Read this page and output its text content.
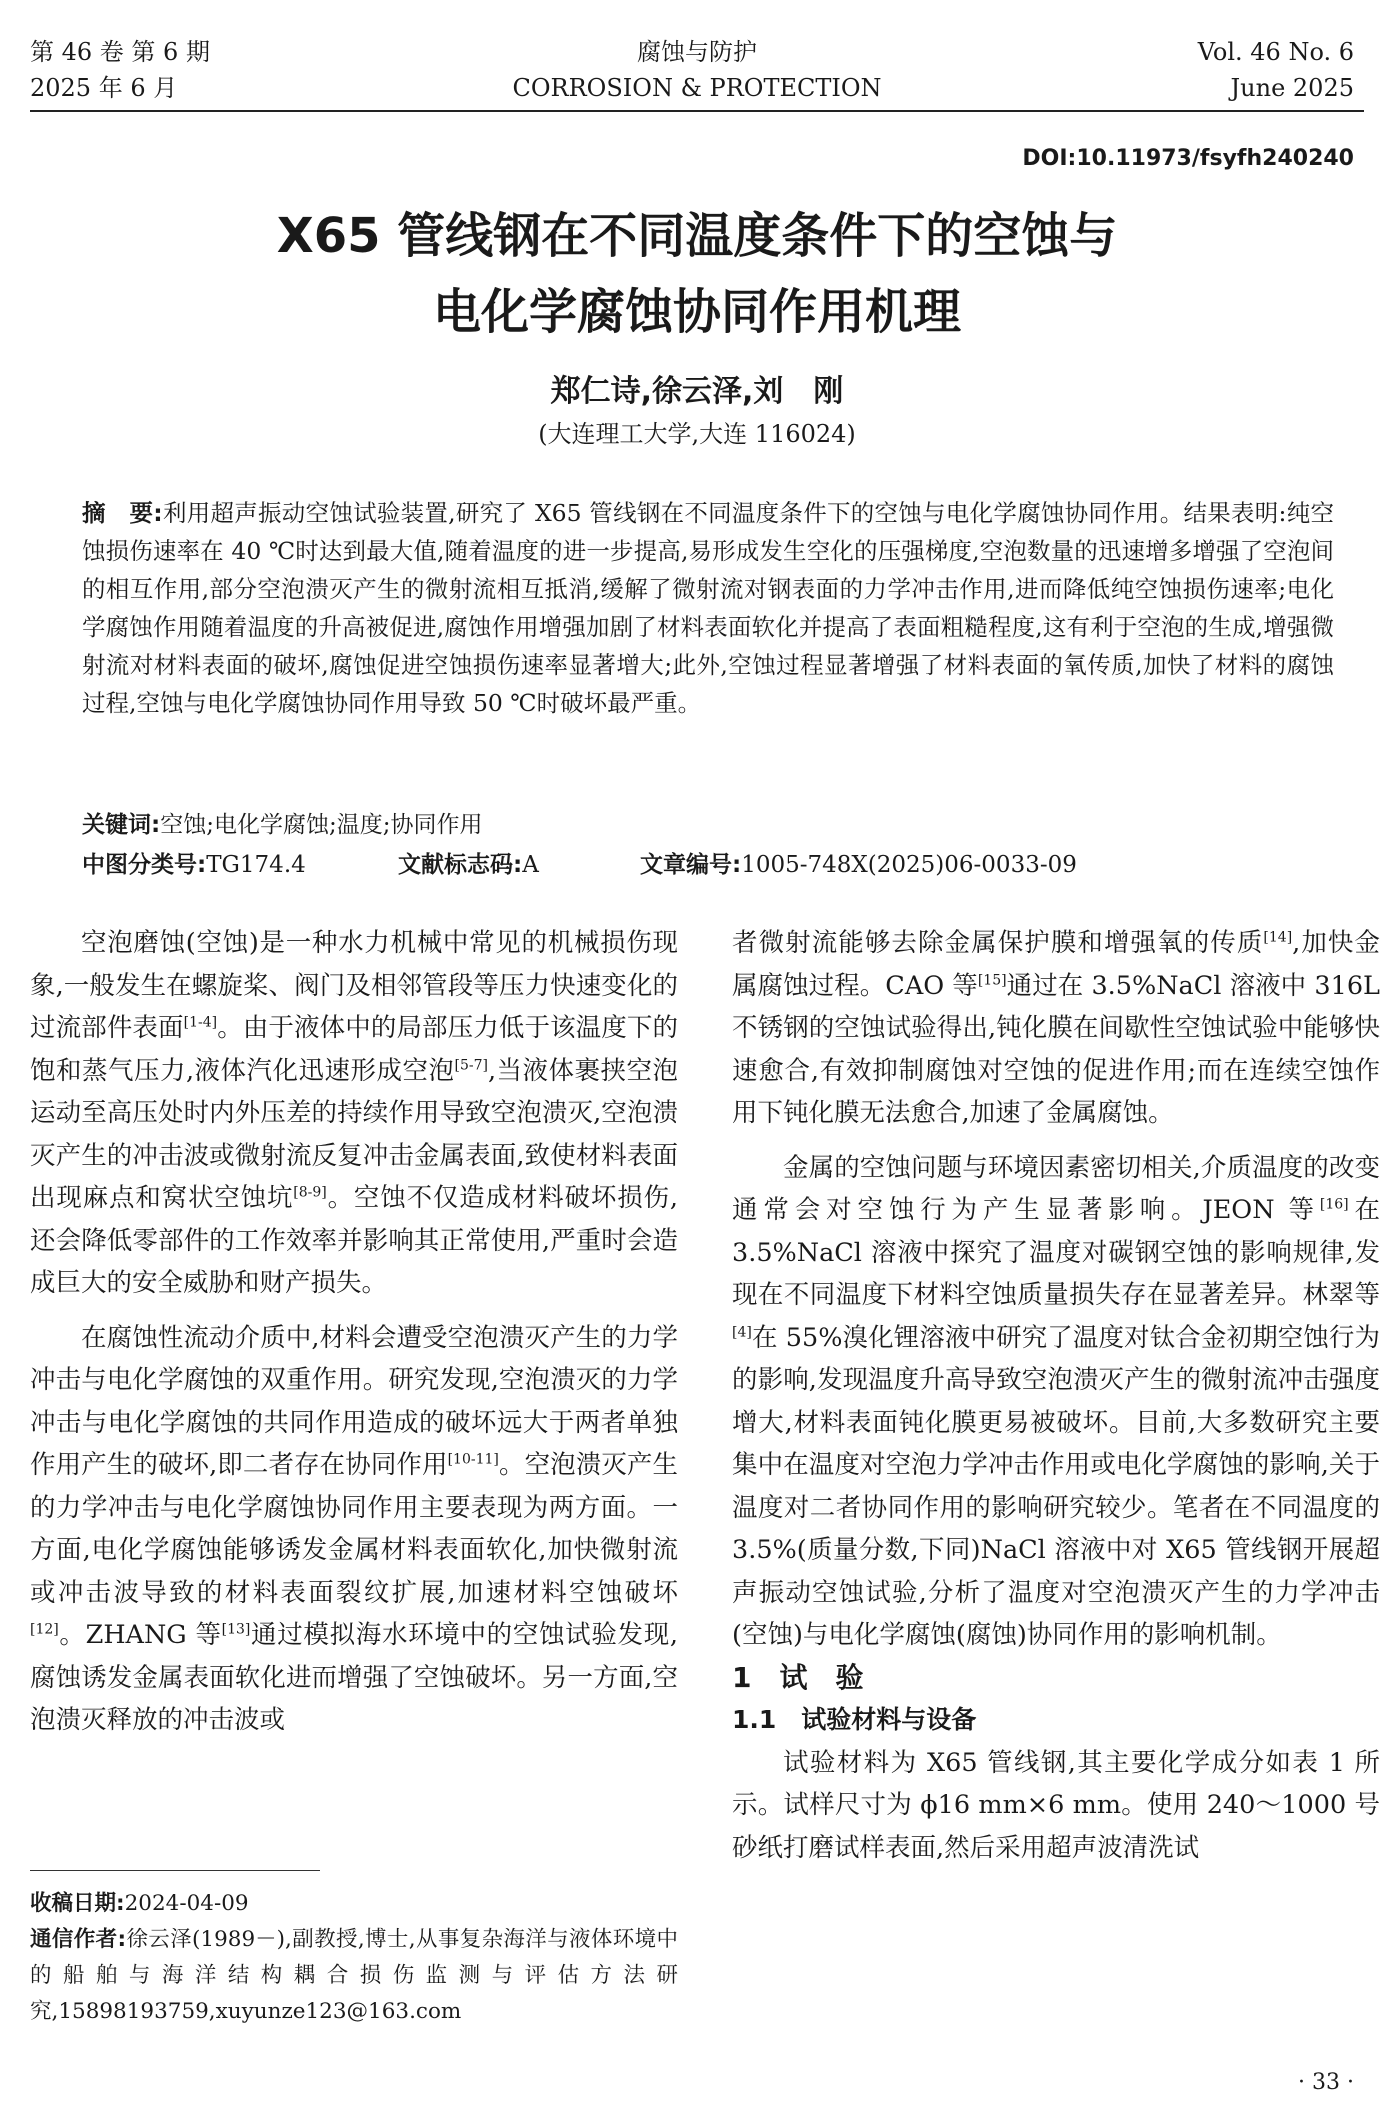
第 46 卷 第 6 期
2025 年 6 月
腐蚀与防护
CORROSION & PROTECTION
Vol. 46 No. 6
June 2025
DOI:10.11973/fsyfh240240
X65 管线钢在不同温度条件下的空蚀与
电化学腐蚀协同作用机理
郑仁诗,徐云泽,刘　刚
(大连理工大学,大连 116024)
摘　要:利用超声振动空蚀试验装置,研究了 X65 管线钢在不同温度条件下的空蚀与电化学腐蚀协同作用。结果表明:纯空蚀损伤速率在 40 ℃时达到最大值,随着温度的进一步提高,易形成发生空化的压强梯度,空泡数量的迅速增多增强了空泡间的相互作用,部分空泡溃灭产生的微射流相互抵消,缓解了微射流对钢表面的力学冲击作用,进而降低纯空蚀损伤速率;电化学腐蚀作用随着温度的升高被促进,腐蚀作用增强加剧了材料表面软化并提高了表面粗糙程度,这有利于空泡的生成,增强微射流对材料表面的破坏,腐蚀促进空蚀损伤速率显著增大;此外,空蚀过程显著增强了材料表面的氧传质,加快了材料的腐蚀过程,空蚀与电化学腐蚀协同作用导致 50 ℃时破坏最严重。
关键词:空蚀;电化学腐蚀;温度;协同作用
中图分类号:TG174.4	文献标志码:A	文章编号:1005-748X(2025)06-0033-09

空泡磨蚀(空蚀)是一种水力机械中常见的机械损伤现象,一般发生在螺旋桨、阀门及相邻管段等压力快速变化的过流部件表面[1-4]。由于液体中的局部压力低于该温度下的饱和蒸气压力,液体汽化迅速形成空泡[5-7],当液体裹挟空泡运动至高压处时内外压差的持续作用导致空泡溃灭,空泡溃灭产生的冲击波或微射流反复冲击金属表面,致使材料表面出现麻点和窝状空蚀坑[8-9]。空蚀不仅造成材料破坏损伤,还会降低零部件的工作效率并影响其正常使用,严重时会造成巨大的安全威胁和财产损失。

在腐蚀性流动介质中,材料会遭受空泡溃灭产生的力学冲击与电化学腐蚀的双重作用。研究发现,空泡溃灭的力学冲击与电化学腐蚀的共同作用造成的破坏远大于两者单独作用产生的破坏,即二者存在协同作用[10-11]。空泡溃灭产生的力学冲击与电化学腐蚀协同作用主要表现为两方面。一方面,电化学腐蚀能够诱发金属材料表面软化,加快微射流或冲击波导致的材料表面裂纹扩展,加速材料空蚀破坏[12]。ZHANG 等[13]通过模拟海水环境中的空蚀试验发现,腐蚀诱发金属表面软化进而增强了空蚀破坏。另一方面,空泡溃灭释放的冲击波或

者微射流能够去除金属保护膜和增强氧的传质[14],加快金属腐蚀过程。CAO 等[15]通过在 3.5%NaCl 溶液中 316L 不锈钢的空蚀试验得出,钝化膜在间歇性空蚀试验中能够快速愈合,有效抑制腐蚀对空蚀的促进作用;而在连续空蚀作用下钝化膜无法愈合,加速了金属腐蚀。

金属的空蚀问题与环境因素密切相关,介质温度的改变通常会对空蚀行为产生显著影响。JEON 等[16]在 3.5%NaCl 溶液中探究了温度对碳钢空蚀的影响规律,发现在不同温度下材料空蚀质量损失存在显著差异。林翠等[4]在 55%溴化锂溶液中研究了温度对钛合金初期空蚀行为的影响,发现温度升高导致空泡溃灭产生的微射流冲击强度增大,材料表面钝化膜更易被破坏。目前,大多数研究主要集中在温度对空泡力学冲击作用或电化学腐蚀的影响,关于温度对二者协同作用的影响研究较少。笔者在不同温度的 3.5%(质量分数,下同)NaCl 溶液中对 X65 管线钢开展超声振动空蚀试验,分析了温度对空泡溃灭产生的力学冲击(空蚀)与电化学腐蚀(腐蚀)协同作用的影响机制。

1　试　验

1.1　试验材料与设备

试验材料为 X65 管线钢,其主要化学成分如表 1 所示。试样尺寸为 ϕ16 mm×6 mm。使用 240～1000 号砂纸打磨试样表面,然后采用超声波清洗试

收稿日期:2024-04-09
通信作者:徐云泽(1989－),副教授,博士,从事复杂海洋与液体环境中的船舶与海洋结构耦合损伤监测与评估方法研究,15898193759,xuyunze123@163.com
· 33 ·
